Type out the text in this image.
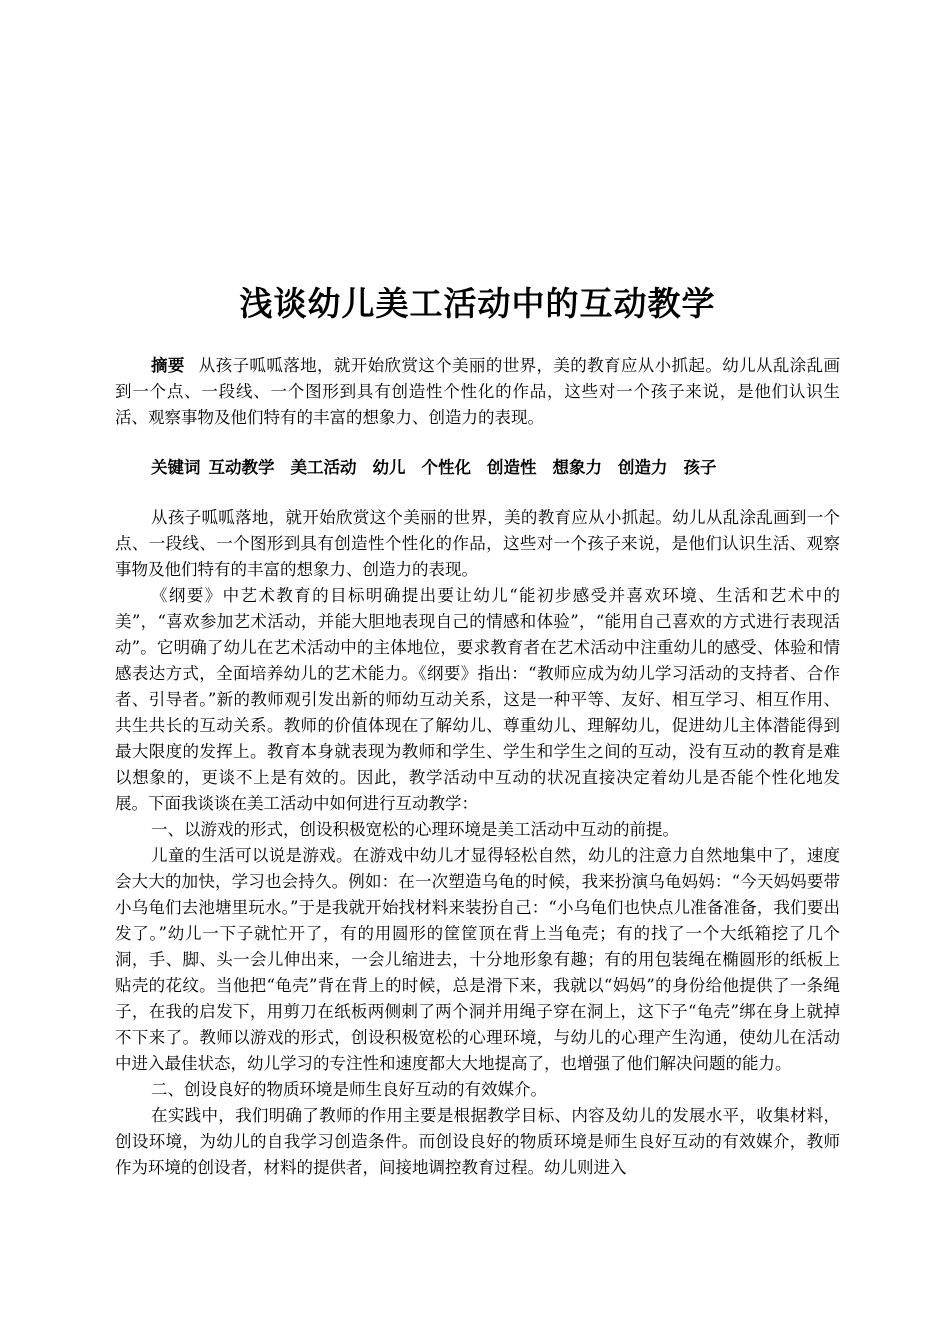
浅谈幼儿美工活动中的互动教学

摘要 从孩子呱呱落地，就开始欣赏这个美丽的世界，美的教育应从小抓起。幼儿从乱涂乱画到一个点、一段线、一个图形到具有创造性个性化的作品，这些对一个孩子来说，是他们认识生活、观察事物及他们特有的丰富的想象力、创造力的表现。

关键词 互动教学 美工活动 幼儿 个性化 创造性 想象力 创造力 孩子

从孩子呱呱落地，就开始欣赏这个美丽的世界，美的教育应从小抓起。幼儿从乱涂乱画到一个点、一段线、一个图形到具有创造性个性化的作品，这些对一个孩子来说，是他们认识生活、观察事物及他们特有的丰富的想象力、创造力的表现。

《纲要》中艺术教育的目标明确提出要让幼儿“能初步感受并喜欢环境、生活和艺术中的美”，“喜欢参加艺术活动，并能大胆地表现自己的情感和体验”，“能用自己喜欢的方式进行表现活动”。它明确了幼儿在艺术活动中的主体地位，要求教育者在艺术活动中注重幼儿的感受、体验和情感表达方式，全面培养幼儿的艺术能力。《纲要》指出：“教师应成为幼儿学习活动的支持者、合作者、引导者。”新的教师观引发出新的师幼互动关系，这是一种平等、友好、相互学习、相互作用、共生共长的互动关系。教师的价值体现在了解幼儿、尊重幼儿、理解幼儿，促进幼儿主体潜能得到最大限度的发挥上。教育本身就表现为教师和学生、学生和学生之间的互动，没有互动的教育是难以想象的，更谈不上是有效的。因此，教学活动中互动的状况直接决定着幼儿是否能个性化地发展。下面我谈谈在美工活动中如何进行互动教学：

一、以游戏的形式，创设积极宽松的心理环境是美工活动中互动的前提。

儿童的生活可以说是游戏。在游戏中幼儿才显得轻松自然，幼儿的注意力自然地集中了，速度会大大的加快，学习也会持久。例如：在一次塑造乌龟的时候，我来扮演乌龟妈妈：“今天妈妈要带小乌龟们去池塘里玩水。”于是我就开始找材料来装扮自己：“小乌龟们也快点儿准备准备，我们要出发了。”幼儿一下子就忙开了，有的用圆形的筐筐顶在背上当龟壳；有的找了一个大纸箱挖了几个洞，手、脚、头一会儿伸出来，一会儿缩进去，十分地形象有趣；有的用包装绳在椭圆形的纸板上贴壳的花纹。当他把“龟壳”背在背上的时候，总是滑下来，我就以“妈妈”的身份给他提供了一条绳子，在我的启发下，用剪刀在纸板两侧刺了两个洞并用绳子穿在洞上，这下子“龟壳”绑在身上就掉不下来了。教师以游戏的形式，创设积极宽松的心理环境，与幼儿的心理产生沟通，使幼儿在活动中进入最佳状态，幼儿学习的专注性和速度都大大地提高了，也增强了他们解决问题的能力。

二、创设良好的物质环境是师生良好互动的有效媒介。

在实践中，我们明确了教师的作用主要是根据教学目标、内容及幼儿的发展水平，收集材料，创设环境，为幼儿的自我学习创造条件。而创设良好的物质环境是师生良好互动的有效媒介，教师作为环境的创设者，材料的提供者，间接地调控教育过程。幼儿则进入
